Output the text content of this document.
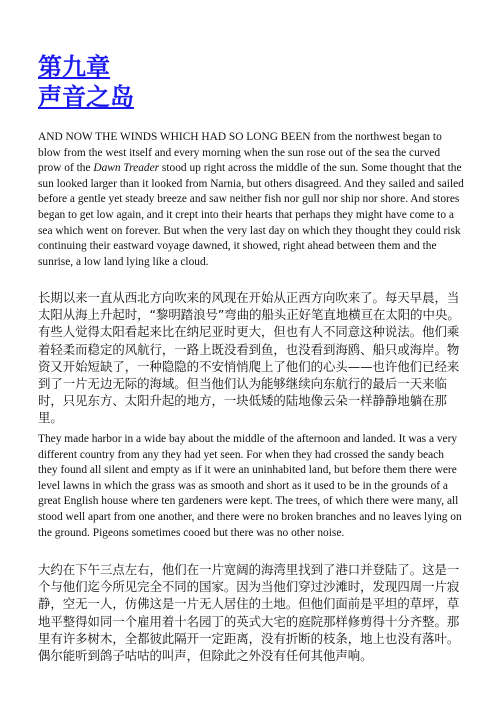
第九章
声音之岛

AND NOW THE WINDS WHICH HAD SO LONG BEEN from the northwest began to blow from the west itself and every morning when the sun rose out of the sea the curved prow of the Dawn Treader stood up right across the middle of the sun. Some thought that the sun looked larger than it looked from Narnia, but others disagreed. And they sailed and sailed before a gentle yet steady breeze and saw neither fish nor gull nor ship nor shore. And stores began to get low again, and it crept into their hearts that perhaps they might have come to a sea which went on forever. But when the very last day on which they thought they could risk continuing their eastward voyage dawned, it showed, right ahead between them and the sunrise, a low land lying like a cloud.

长期以来一直从西北方向吹来的风现在开始从正西方向吹来了。每天早晨，当太阳从海上升起时，“黎明踏浪号”弯曲的船头正好笔直地横亘在太阳的中央。有些人觉得太阳看起来比在纳尼亚时更大，但也有人不同意这种说法。他们乘着轻柔而稳定的风航行，一路上既没看到鱼，也没看到海鸥、船只或海岸。物资又开始短缺了，一种隐隐的不安悄悄爬上了他们的心头——也许他们已经来到了一片无边无际的海域。但当他们认为能够继续向东航行的最后一天来临时，只见东方、太阳升起的地方，一块低矮的陆地像云朵一样静静地躺在那里。

They made harbor in a wide bay about the middle of the afternoon and landed. It was a very different country from any they had yet seen. For when they had crossed the sandy beach they found all silent and empty as if it were an uninhabited land, but before them there were level lawns in which the grass was as smooth and short as it used to be in the grounds of a great English house where ten gardeners were kept. The trees, of which there were many, all stood well apart from one another, and there were no broken branches and no leaves lying on the ground. Pigeons sometimes cooed but there was no other noise.

大约在下午三点左右，他们在一片宽阔的海湾里找到了港口并登陆了。这是一个与他们迄今所见完全不同的国家。因为当他们穿过沙滩时，发现四周一片寂静，空无一人，仿佛这是一片无人居住的土地。但他们面前是平坦的草坪，草地平整得如同一个雇用着十名园丁的英式大宅的庭院那样修剪得十分齐整。那里有许多树木，全都彼此隔开一定距离，没有折断的枝条，地上也没有落叶。偶尔能听到鸽子咕咕的叫声，但除此之外没有任何其他声响。
